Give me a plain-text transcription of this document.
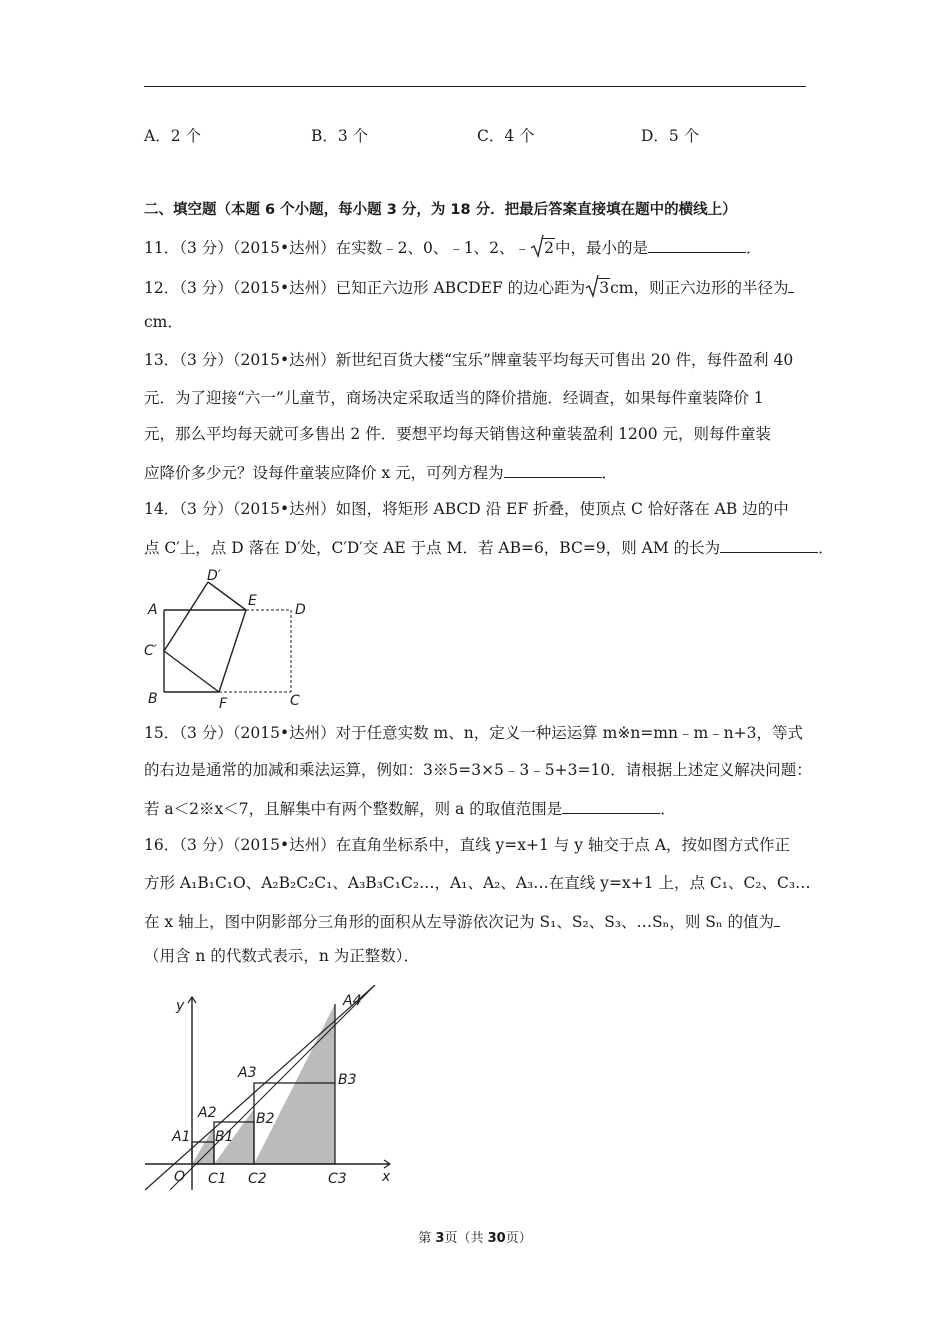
A．2 个	B．3 个	C．4 个	D．5 个
二、填空题（本题 6 个小题，每小题 3 分，为 18 分．把最后答案直接填在题中的横线上）
11．（3 分）（2015•达州）在实数﹣2、0、﹣1、2、﹣ 2中，最小的是	．
12．（3 分）（2015•达州）已知正六边形 ABCDEF 的边心距为 3cm，则正六边形的半径为
cm．
13．（3 分）（2015•达州）新世纪百货大楼“宝乐”牌童装平均每天可售出 20 件，每件盈利 40
元．为了迎接“六一”儿童节，商场决定采取适当的降价措施．经调查，如果每件童装降价 1
元，那么平均每天就可多售出 2 件．要想平均每天销售这种童装盈利 1200 元，则每件童装
应降价多少元？设每件童装应降价 x 元，可列方程为	．
14．（3 分）（2015•达州）如图，将矩形 ABCD 沿 EF 折叠，使顶点 C 恰好落在 AB 边的中
点 C′上，点 D 落在 D′处，C′D′交 AE 于点 M．若 AB=6，BC=9，则 AM 的长为	．
A
B	C
D
E
F
C′
D′
15．（3 分）（2015•达州）对于任意实数 m、n，定义一种运运算 m※n=mn﹣m﹣n+3，等式
的右边是通常的加减和乘法运算，例如：3※5=3×5﹣3﹣5+3=10．请根据上述定义解决问题：
若 a＜2※x＜7，且解集中有两个整数解，则 a 的取值范围是	．
16．（3 分）（2015•达州）在直角坐标系中，直线 y=x+1 与 y 轴交于点 A，按如图方式作正
方形 A₁B₁C₁O、A₂B₂C₂C₁、A₃B₃C₁C₂…，A₁、A₂、A₃…在直线 y=x+1 上，点 C₁、C₂、C₃…
在 x 轴上，图中阴影部分三角形的面积从左导游依次记为 S₁、S₂、S₃、…Sₙ，则 Sₙ 的值为
（用含 n 的代数式表示，n 为正整数）．
y
x
O
A1
A2
A3
A4
B1
B2
B3
C1 C2	C3
第 3页（共 30页）
